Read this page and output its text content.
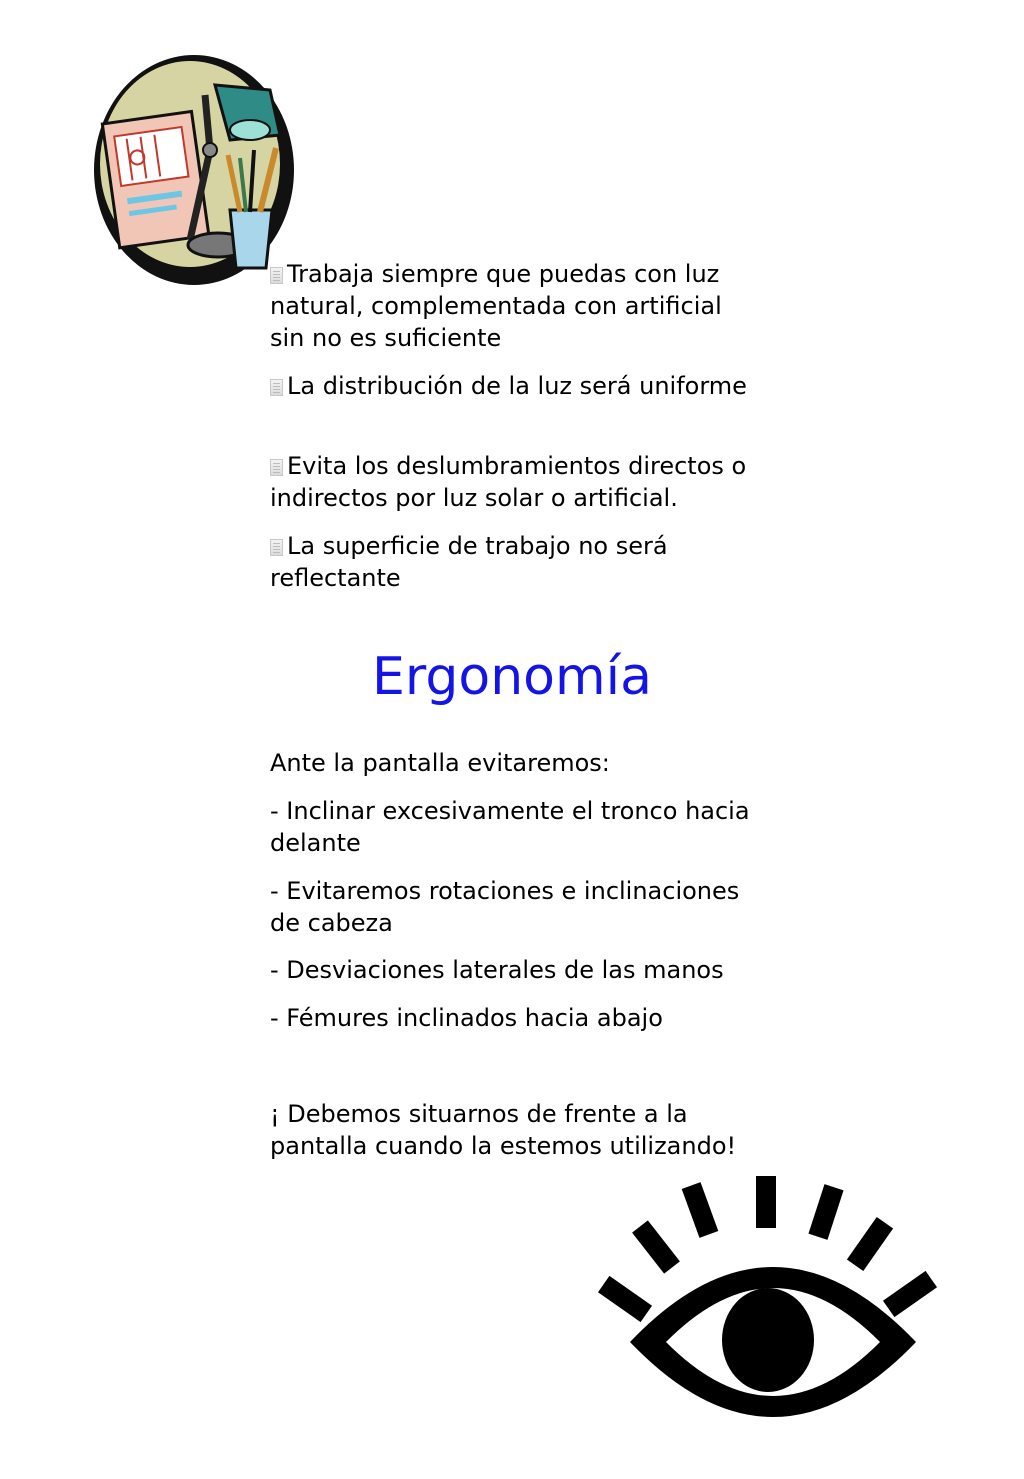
Trabaja siempre que puedas con luz natural, complementada con artificial sin no es suficiente
La distribución de la luz será uniforme
Evita los deslumbramientos directos o indirectos por luz solar o artificial.
La superficie de trabajo no será reflectante
Ergonomía
Ante la pantalla evitaremos:
- Inclinar excesivamente el tronco hacia delante
- Evitaremos rotaciones e inclinaciones de cabeza
- Desviaciones laterales de las manos
- Fémures inclinados hacia abajo
¡ Debemos situarnos de frente a la pantalla cuando la estemos utilizando!
